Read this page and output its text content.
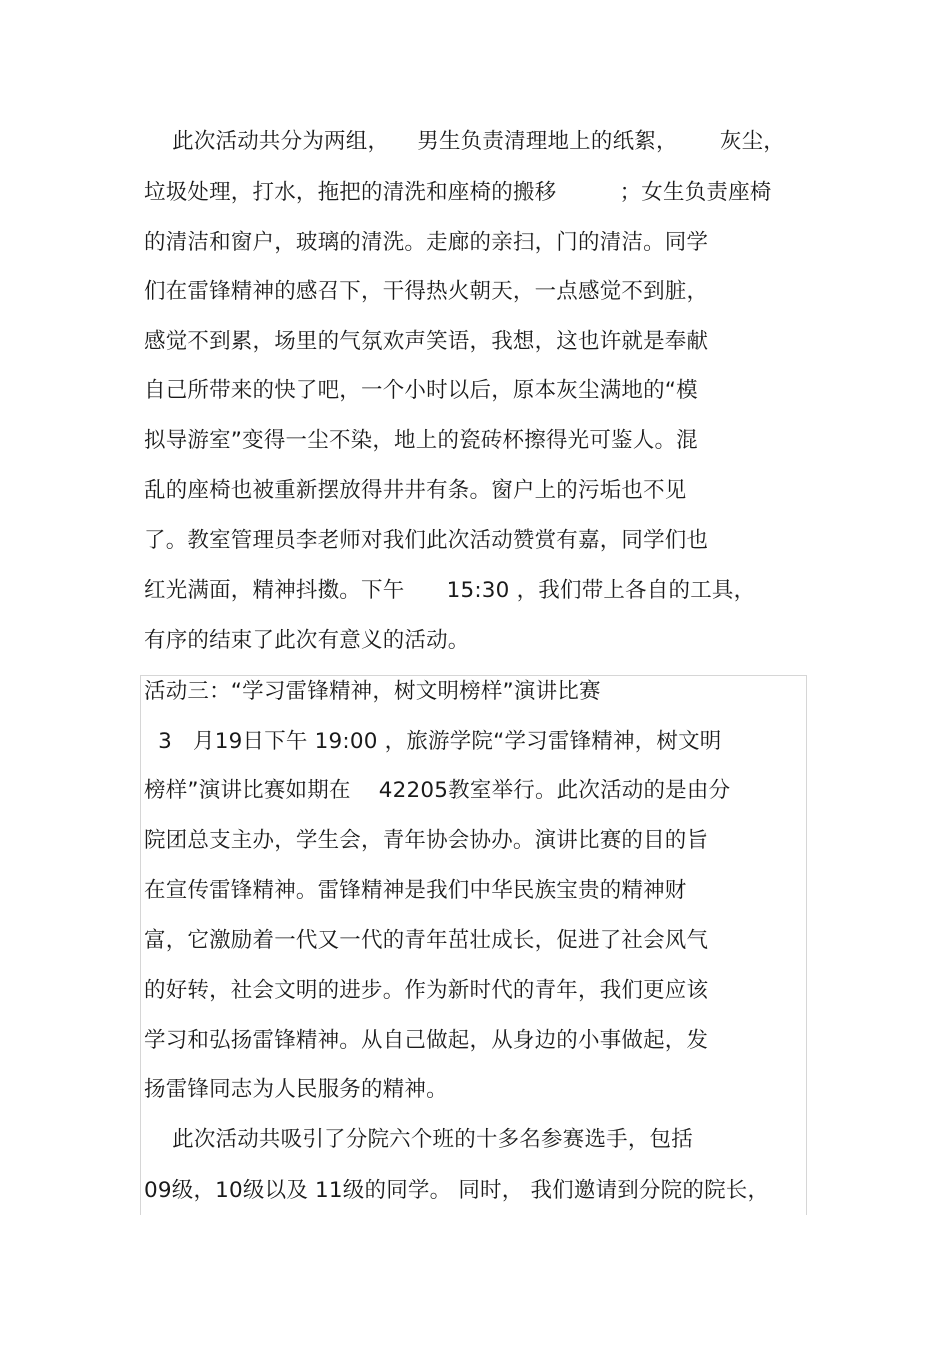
此次活动共分为两组，    男生负责清理地上的纸絮，      灰尘，
垃圾处理，打水，拖把的清洗和座椅的搬移         ；女生负责座椅
的清洁和窗户，玻璃的清洗。走廊的亲扫，门的清洁。同学
们在雷锋精神的感召下，干得热火朝天，一点感觉不到脏，
感觉不到累，场里的气氛欢声笑语，我想，这也许就是奉献
自己所带来的快了吧，一个小时以后，原本灰尘满地的“模
拟导游室”变得一尘不染，地上的瓷砖杯擦得光可鉴人。混
乱的座椅也被重新摆放得井井有条。窗户上的污垢也不见
了。教室管理员李老师对我们此次活动赞赏有嘉，同学们也
红光满面，精神抖擞。下午      15:30 ，我们带上各自的工具，
有序的结束了此次有意义的活动。
活动三：“学习雷锋精神，树文明榜样”演讲比赛
3   月19日下午 19:00 ，旅游学院“学习雷锋精神，树文明
榜样”演讲比赛如期在    42205教室举行。此次活动的是由分
院团总支主办，学生会，青年协会协办。演讲比赛的目的旨
在宣传雷锋精神。雷锋精神是我们中华民族宝贵的精神财
富，它激励着一代又一代的青年茁壮成长，促进了社会风气
的好转，社会文明的进步。作为新时代的青年，我们更应该
学习和弘扬雷锋精神。从自己做起，从身边的小事做起，发
扬雷锋同志为人民服务的精神。
此次活动共吸引了分院六个班的十多名参赛选手，包括
09级，10级以及 11级的同学。 同时， 我们邀请到分院的院长，
